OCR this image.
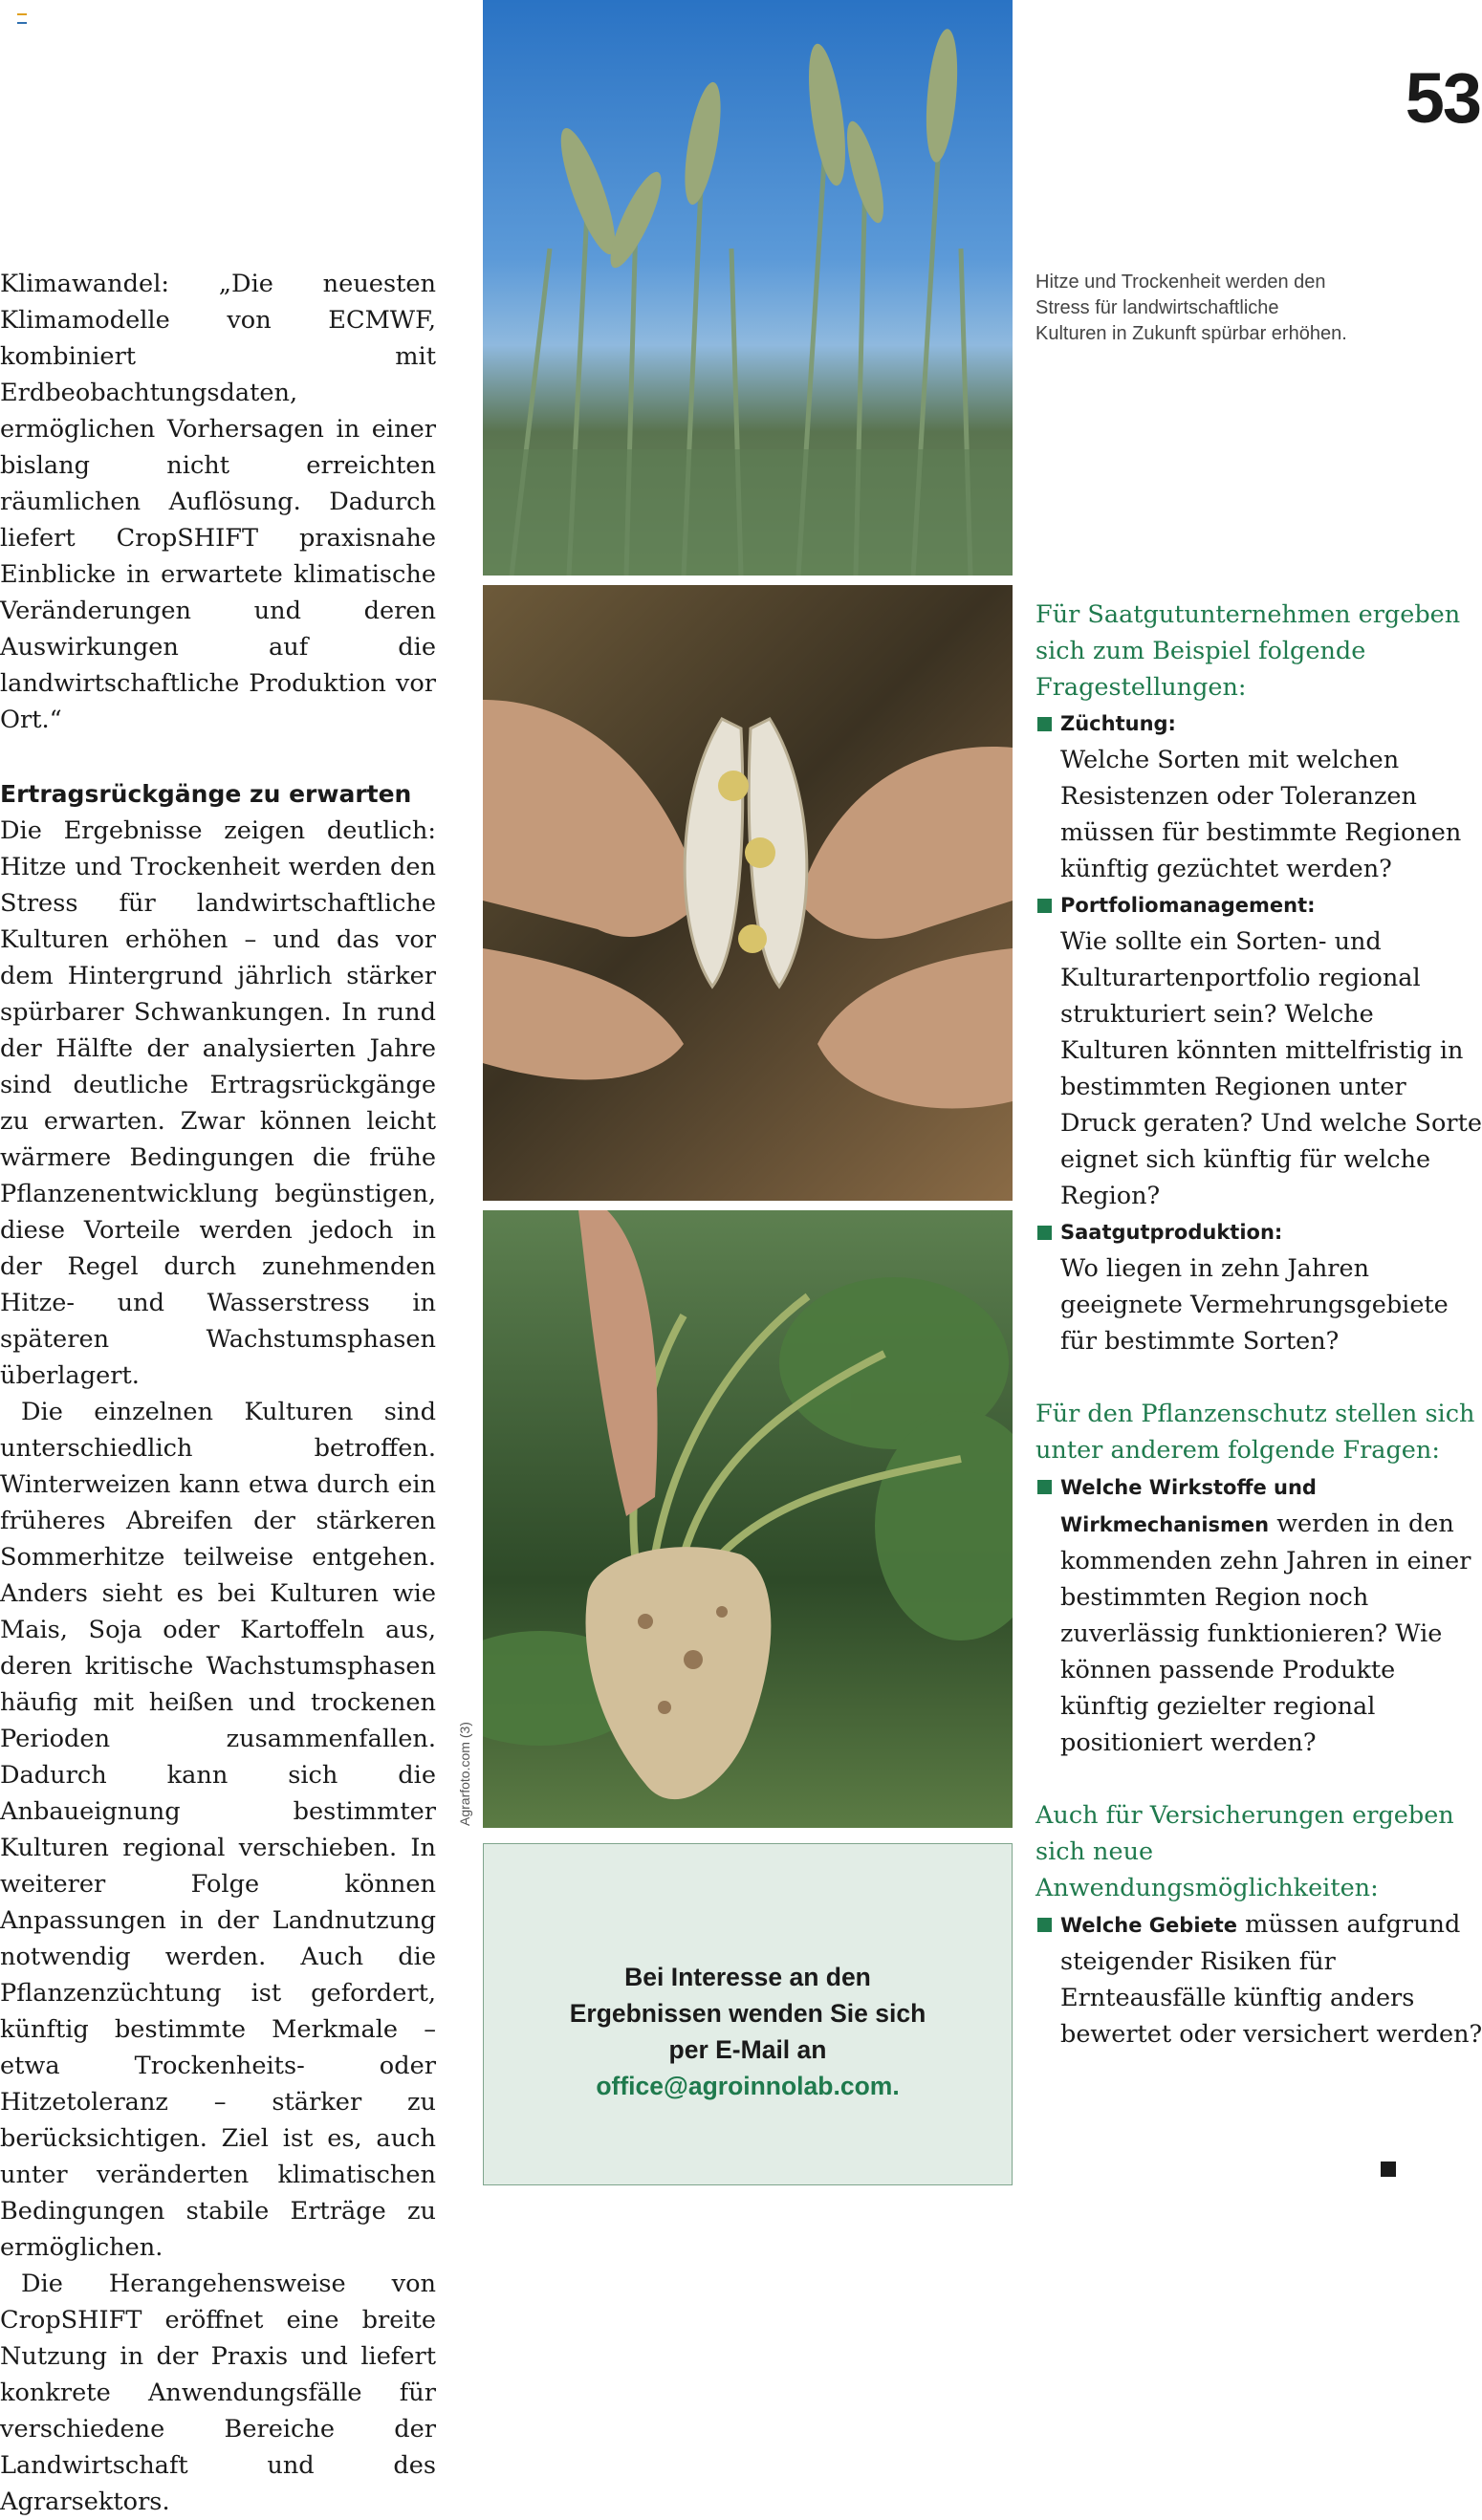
53

Klimawandel: „Die neuesten Klimamodelle von ECMWF, kombiniert mit Erdbeobachtungsdaten, ermöglichen Vorhersagen in einer bislang nicht erreichten räumlichen Auflösung. Dadurch liefert CropSHIFT praxisnahe Einblicke in erwartete klimatische Veränderungen und deren Auswirkungen auf die landwirtschaftliche Produktion vor Ort.“

Ertragsrückgänge zu erwarten

Die Ergebnisse zeigen deutlich: Hitze und Trockenheit werden den Stress für landwirtschaftliche Kulturen erhöhen – und das vor dem Hintergrund jährlich stärker spürbarer Schwankungen. In rund der Hälfte der analysierten Jahre sind deutliche Ertragsrückgänge zu erwarten. Zwar können leicht wärmere Bedingungen die frühe Pflanzenentwicklung begünstigen, diese Vorteile werden jedoch in der Regel durch zunehmenden Hitze- und Wasserstress in späteren Wachstumsphasen überlagert.

Die einzelnen Kulturen sind unterschiedlich betroffen. Winterweizen kann etwa durch ein früheres Abreifen der stärkeren Sommerhitze teilweise entgehen. Anders sieht es bei Kulturen wie Mais, Soja oder Kartoffeln aus, deren kritische Wachstumsphasen häufig mit heißen und trockenen Perioden zusammenfallen. Dadurch kann sich die Anbaueignung bestimmter Kulturen regional verschieben. In weiterer Folge können Anpassungen in der Landnutzung notwendig werden. Auch die Pflanzenzüchtung ist gefordert, künftig bestimmte Merkmale – etwa Trockenheits- oder Hitzetoleranz – stärker zu berücksichtigen. Ziel ist es, auch unter veränderten klimatischen Bedingungen stabile Erträge zu ermöglichen.

Die Herangehensweise von CropSHIFT eröffnet eine breite Nutzung in der Praxis und liefert konkrete Anwendungsfälle für verschiedene Bereiche der Landwirtschaft und des Agrarsektors.

Agrarfoto.com (3)
Hitze und Trockenheit werden den Stress für landwirtschaftliche Kulturen in Zukunft spürbar erhöhen.
Bei Interesse an den Ergebnissen wenden Sie sich per E-Mail an
office@agroinnolab.com.

Für Saatgutunternehmen ergeben sich zum Beispiel folgende Fragestellungen:

Züchtung:
Welche Sorten mit welchen Resistenzen oder Toleranzen müssen für bestimmte Regionen künftig gezüchtet werden?
Portfoliomanagement:
Wie sollte ein Sorten- und Kulturartenportfolio regional strukturiert sein? Welche Kulturen könnten mittelfristig in bestimmten Regionen unter Druck geraten? Und welche Sorte eignet sich künftig für welche Region?
Saatgutproduktion:
Wo liegen in zehn Jahren geeignete Vermehrungsgebiete für bestimmte Sorten?

Für den Pflanzenschutz stellen sich unter anderem folgende Fragen:

Welche Wirkstoffe und Wirkmechanismen werden in den kommenden zehn Jahren in einer bestimmten Region noch zuverlässig funktionieren? Wie können passende Produkte künftig gezielter regional positioniert werden?

Auch für Versicherungen ergeben sich neue Anwendungsmöglichkeiten:

Welche Gebiete müssen aufgrund steigender Risiken für Ernteausfälle künftig anders bewertet oder versichert werden?
